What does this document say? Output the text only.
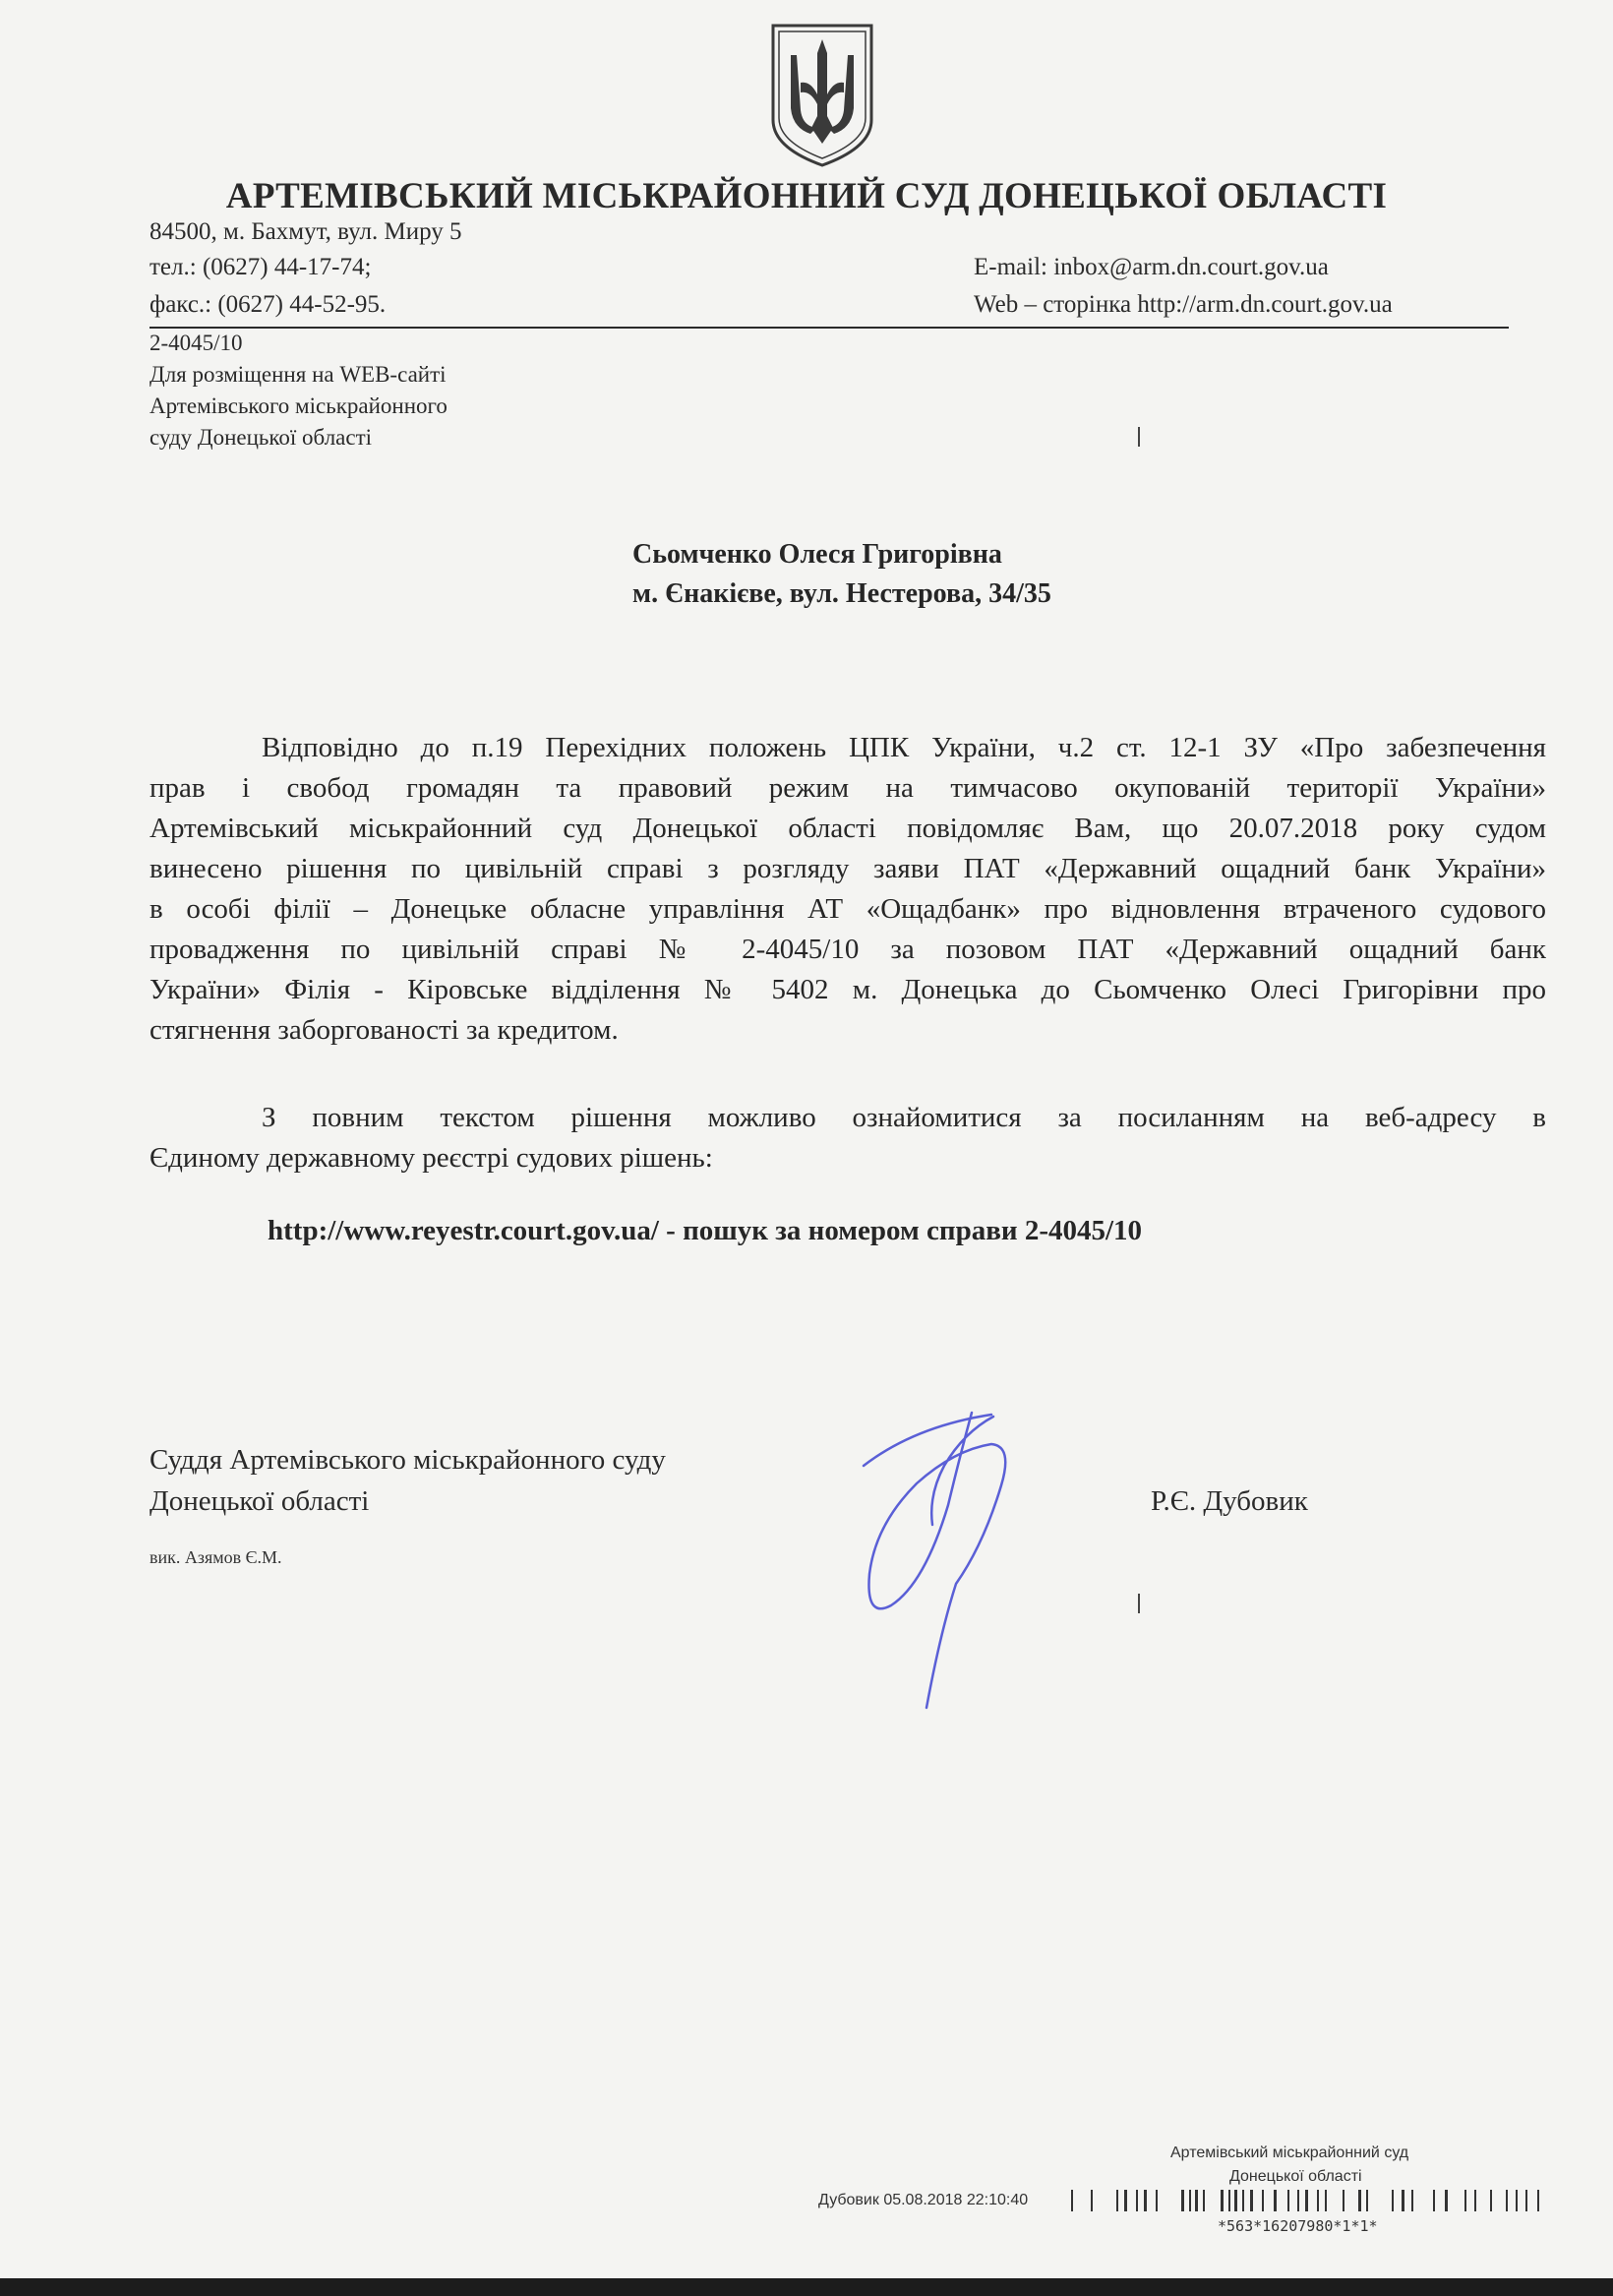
АРТЕМІВСЬКИЙ МІСЬКРАЙОННИЙ СУД ДОНЕЦЬКОЇ ОБЛАСТІ
84500, м. Бахмут, вул. Миру 5
тел.: (0627) 44-17-74;
факс.: (0627) 44-52-95.
E-mail: inbox@arm.dn.court.gov.ua
Web – сторінка http://arm.dn.court.gov.ua
2-4045/10
Для розміщення на WEB-сайті
Артемівського міськрайонного
суду Донецької області
Сьомченко Олеся Григорівна
м. Єнакієве, вул. Нестерова, 34/35
Відповідно до п.19 Перехідних положень ЦПК України, ч.2 ст. 12-1 ЗУ «Про забезпечення
прав і свобод громадян та правовий режим на тимчасово окупованій території України»
Артемівський міськрайонний суд Донецької області повідомляє Вам, що 20.07.2018 року судом
винесено рішення по цивільній справі з розгляду заяви ПАТ «Державний ощадний банк України»
в особі філії – Донецьке обласне управління АТ «Ощадбанк» про відновлення втраченого судового
провадження по цивільній справі № 2-4045/10 за позовом ПАТ «Державний ощадний банк
України» Філія - Кіровське відділення № 5402 м. Донецька до Сьомченко Олесі Григорівни про
стягнення заборгованості за кредитом.
З повним текстом рішення можливо ознайомитися за посиланням на веб-адресу в
Єдиному державному реєстрі судових рішень:
http://www.reyestr.court.gov.ua/ - пошук за номером справи 2-4045/10
Суддя Артемівського міськрайонного суду
Донецької області	Р.Є. Дубовик
вик. Азямов Є.М.
Артемівський міськрайонний суд
Донецької області
Дубовик 05.08.2018 22:10:40
*563*16207980*1*1*
